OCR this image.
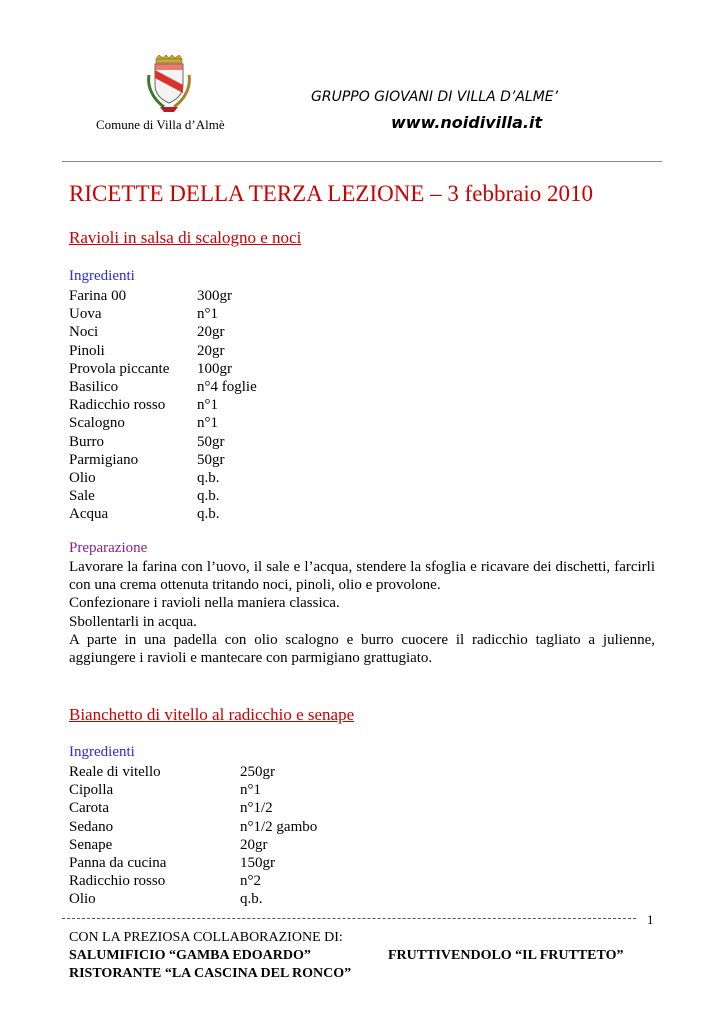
Comune di Villa d’Almè
GRUPPO GIOVANI DI VILLA D’ALME’
www.noidivilla.it
RICETTE DELLA TERZA LEZIONE – 3 febbraio 2010
Ravioli in salsa di scalogno e noci
Ingredienti
Farina 00	300gr
Uova	n°1
Noci	20gr
Pinoli	20gr
Provola piccante	100gr
Basilico	n°4 foglie
Radicchio rosso	n°1
Scalogno	n°1
Burro	50gr
Parmigiano	50gr
Olio	q.b.
Sale	q.b.
Acqua	q.b.
Preparazione

Lavorare la farina con l’uovo, il sale e l’acqua, stendere la sfoglia e ricavare dei dischetti, farcirli con una crema ottenuta tritando noci, pinoli, olio e provolone.

Confezionare i ravioli nella maniera classica.

Sbollentarli in acqua.

A parte in una padella con olio scalogno e burro cuocere il radicchio tagliato a julienne, aggiungere i ravioli e mantecare con parmigiano grattugiato.

Bianchetto di vitello al radicchio e senape
Ingredienti
Reale di vitello	250gr
Cipolla	n°1
Carota	n°1/2
Sedano	n°1/2 gambo
Senape	20gr
Panna da cucina	150gr
Radicchio rosso	n°2
Olio	q.b.
1
CON LA PREZIOSA COLLABORAZIONE DI:
SALUMIFICIO “GAMBA EDOARDO”	FRUTTIVENDOLO “IL FRUTTETO”
RISTORANTE “LA CASCINA DEL RONCO”
